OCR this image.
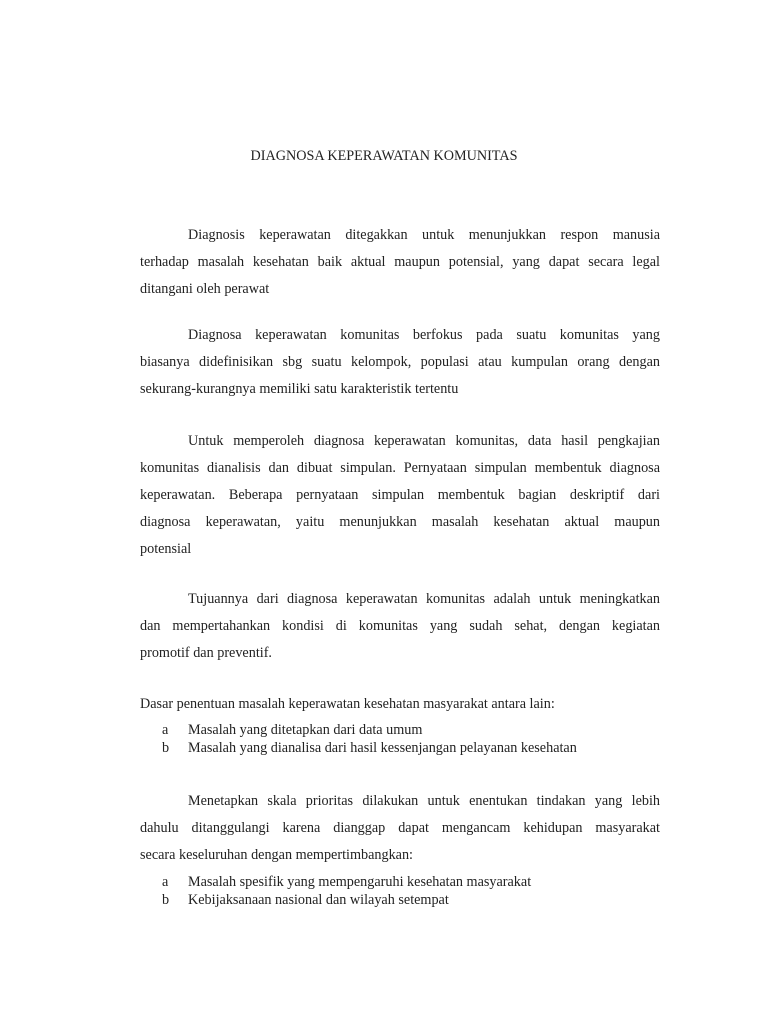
DIAGNOSA KEPERAWATAN KOMUNITAS
Diagnosis keperawatan ditegakkan untuk menunjukkan respon manusia
terhadap masalah kesehatan baik aktual maupun potensial, yang dapat secara legal
ditangani oleh perawat
Diagnosa keperawatan komunitas berfokus pada suatu komunitas yang
biasanya didefinisikan sbg suatu kelompok, populasi atau kumpulan orang dengan
sekurang-kurangnya memiliki satu karakteristik tertentu
Untuk memperoleh diagnosa keperawatan komunitas, data hasil pengkajian
komunitas dianalisis dan dibuat simpulan. Pernyataan simpulan membentuk diagnosa
keperawatan. Beberapa pernyataan simpulan membentuk bagian deskriptif dari
diagnosa keperawatan, yaitu menunjukkan masalah kesehatan aktual maupun
potensial
Tujuannya dari diagnosa keperawatan komunitas adalah untuk meningkatkan
dan mempertahankan kondisi di komunitas yang sudah sehat, dengan kegiatan
promotif dan preventif.
Dasar penentuan masalah keperawatan kesehatan masyarakat antara lain:
a Masalah yang ditetapkan dari data umum
b Masalah yang dianalisa dari hasil kessenjangan pelayanan kesehatan
Menetapkan skala prioritas dilakukan untuk enentukan tindakan yang lebih
dahulu ditanggulangi karena dianggap dapat mengancam kehidupan masyarakat
secara keseluruhan dengan mempertimbangkan:
a Masalah spesifik yang mempengaruhi kesehatan masyarakat
b Kebijaksanaan nasional dan wilayah setempat
